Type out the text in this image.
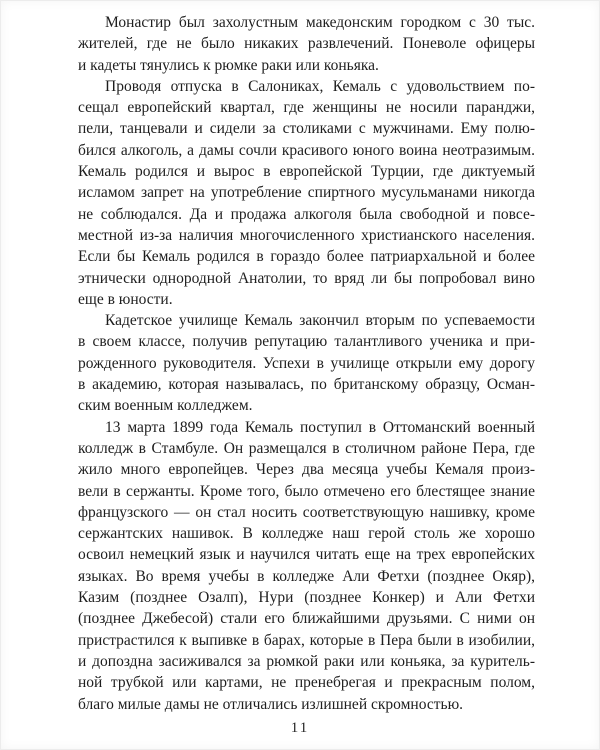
Монастир был захолустным македонским городком с 30 тыс.
жителей, где не было никаких развлечений. Поневоле офицеры
и кадеты тянулись к рюмке раки или коньяка.
Проводя отпуска в Салониках, Кемаль с удовольствием по-
сещал европейский квартал, где женщины не носили паранджи,
пели, танцевали и сидели за столиками с мужчинами. Ему полю-
бился алкоголь, а дамы сочли красивого юного воина неотразимым.
Кемаль родился и вырос в европейской Турции, где диктуемый
исламом запрет на употребление спиртного мусульманами никогда
не соблюдался. Да и продажа алкоголя была свободной и повсе-
местной из-за наличия многочисленного христианского населения.
Если бы Кемаль родился в гораздо более патриархальной и более
этнически однородной Анатолии, то вряд ли бы попробовал вино
еще в юности.
Кадетское училище Кемаль закончил вторым по успеваемости
в своем классе, получив репутацию талантливого ученика и при-
рожденного руководителя. Успехи в училище открыли ему дорогу
в академию, которая называлась, по британскому образцу, Осман-
ским военным колледжем.
13 марта 1899 года Кемаль поступил в Оттоманский военный
колледж в Стамбуле. Он размещался в столичном районе Пера, где
жило много европейцев. Через два месяца учебы Кемаля произ-
вели в сержанты. Кроме того, было отмечено его блестящее знание
французского — он стал носить соответствующую нашивку, кроме
сержантских нашивок. В колледже наш герой столь же хорошо
освоил немецкий язык и научился читать еще на трех европейских
языках. Во время учебы в колледже Али Фетхи (позднее Окяр),
Казим (позднее Озалп), Нури (позднее Конкер) и Али Фетхи
(позднее Джебесой) стали его ближайшими друзьями. С ними он
пристрастился к выпивке в барах, которые в Пера были в изобилии,
и допоздна засиживался за рюмкой раки или коньяка, за куритель-
ной трубкой или картами, не пренебрегая и прекрасным полом,
благо милые дамы не отличались излишней скромностью.
11
